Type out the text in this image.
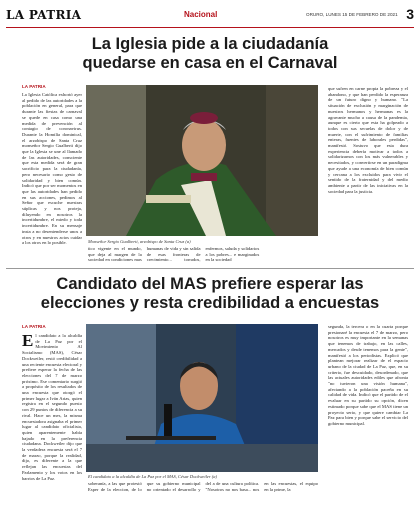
LA PATRIA	Nacional	ORURO, LUNES 15 DE FEBRERO DE 2021 3
La Iglesia pide a la ciudadanía
quedarse en casa en el Carnaval
LA PATRIA
La Iglesia Católica exhortó ayer al pedido de las autoridades a la población en general, para que durante las fiestas de carnaval se quede en casa como una medida de prevención al contagio de coronavirus. Durante la Homilía dominical, el arzobispo de Santa Cruz monseñor Sergio Gualberti dijo que la Iglesia se une al llamado de las autoridades, consciente que esta medida será de gran sacrificio para la ciudadanía, pero necesario como gesto de solidaridad y bien común. Indicó que por ser momentos en que las autoridades han pedido en sus acciones, pedimos al Señor que escuche nuestras súplicas y nos proteja, diluyendo en nosotros la incertidumbre, el miedo y toda incertidumbre. En su mensaje insta a no desentenderse unos a otros y en nuestros actos cuidar a los otros en lo posible.	Monseñor Sergio Gualberti, arzobispo de Santa Cruz (a)
tico vigente en el mundo, que deja al margen de la sociedad en condiciones mas humanas de vida y sin salida de esas fronteras de crecimiento... torrados, enfermos, saluda y solidarios a los pobres... e marginados en la sociedad
que sufren en carne propia la pobreza y el abandono, y que han perdido la esperanza de un futuro digno y humano. "La situación de exclusión y marginación de nuestros hermanos y hermanas es la agravante mucho a causa de la pandemia, aunque es cierto que esta ha golpeado a todos con sus secuelas de dolor y de muerte, con el sufrimiento de familias enteras, fuentes de laborales perdidas", manifestó. Sostuvo que esta dura experiencia debería motivar a todos a solidarizarnos con los más vulnerables y necesitados, y convertirse en un paradigma que ayude a una economía de bien común y cercana a los excluidos para vivir el sentido de la fraternidad y del medio ambiente a partir de las iniciativas en la sociedad para la justicia.
Candidato del MAS prefiere esperar las
elecciones y resta credibilidad a encuestas
LA PATRIA
El candidato a la alcaldía de La Paz por el Movimiento Al Socialismo (MAS), César Dockweiler, restó credibilidad a una reciente encuesta electoral y prefiere esperar la fecha de las elecciones del 7 de marzo próximo. Ese comentario surgió a propósito de los resultados de una encuesta que otorgó el primer lugar a Iván Arias, quien registra en el segundo puesto con 29 puntos de diferencia a su rival. Hace un mes, la misma encuestadora asignaba el primer lugar al candidato oficialista, quien aparentemente había bajado en la preferencia ciudadana. Dockweiler dijo que la verdadera encuesta será el 7 de marzo, porque la realidad, dijo, es diferente a la que reflejan las encuestas del Parlamento y los votos en los barrios de La Paz.	El candidato a la alcaldía de La Paz por el MAS, César Dockweiler (a)
soberanía, a las que protestó Esper de la eleccion, de lo que su gobierno municipal no orientado el desarrollo y del a de una cultura política. "Nosotros no nos basa... nos en las encuestas, el equipo en la prime, la
segunda, la tercera o en la cuarta porque presionaré la encuesta el 7 de marzo, pero nosotros es muy importante en la semanas que tenemos de trabajo, en las calles, mercados y desde tenemos para la gente", manifestó a los periodistas. Explicó que plantean mejorar realizar de el espacio urbano de la ciudad de La Paz, que, en su criterio, fue descuidado, desordenado, que las actuales autoridades ediles que afronta "no tuvieron una visión humana", afectando a la población paceña en su calidad de vida. Indicó que el partido de el evaluar en su partido su opción, dicen estimado porque sabe que el MAS tiene un proyecto serio, y que quiere cambiar La Paz para bien y porque sabe el servicio del gobierno municipal.
